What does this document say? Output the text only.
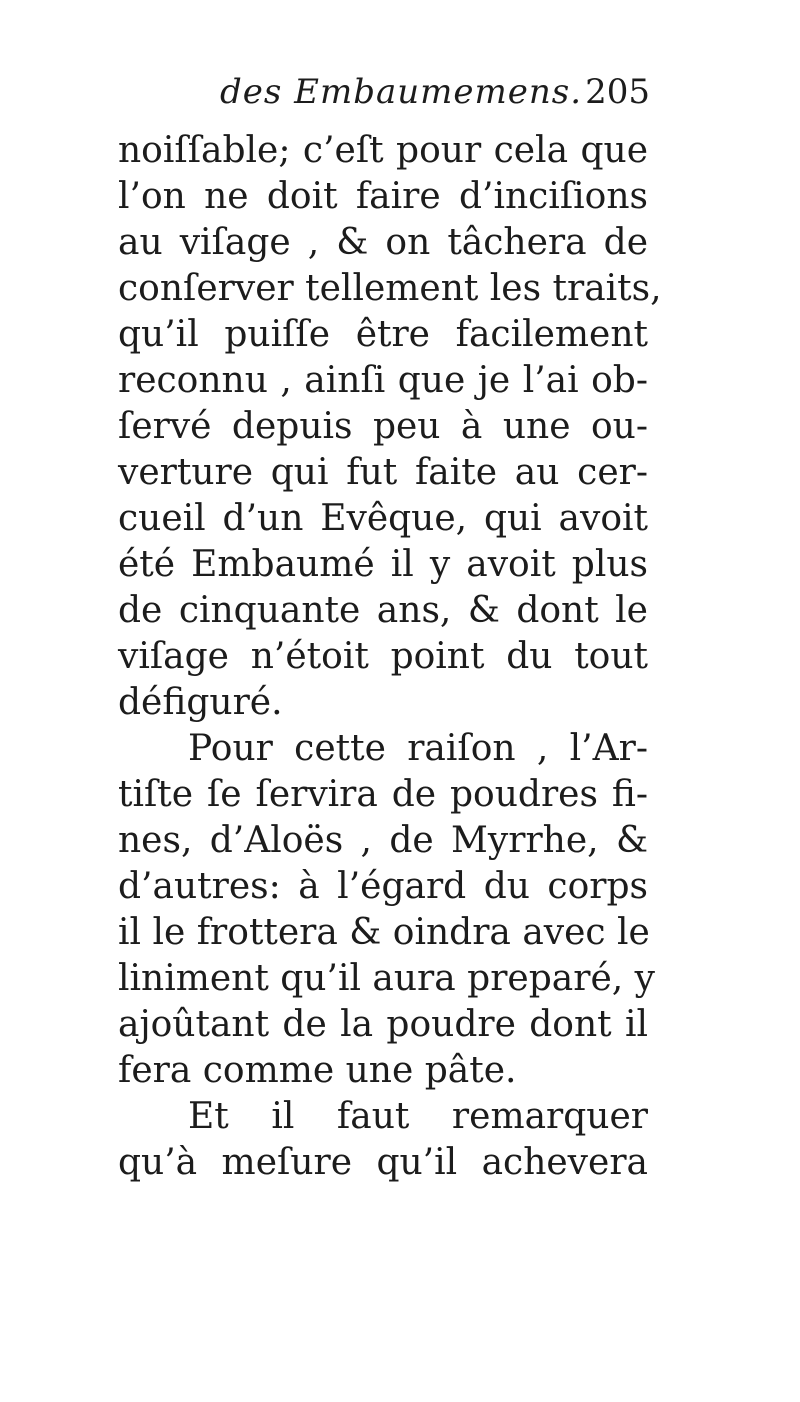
des Embaumemens. 205
noiſſable; c’eſt pour cela que
l’on ne doit faire d’inciſions
au viſage , & on tâchera de
conſerver tellement les traits,
qu’il puiſſe être facilement
reconnu , ainſi que je l’ai ob-
ſervé depuis peu à une ou-
verture qui fut faite au cer-
cueil d’un Evêque, qui avoit
été Embaumé il y avoit plus
de cinquante ans, & dont le
viſage n’étoit point du tout
défiguré.
Pour cette raiſon , l’Ar-
tiſte ſe ſervira de poudres fi-
nes, d’Aloës , de Myrrhe, &
d’autres: à l’égard du corps
il le frottera & oindra avec le
liniment qu’il aura preparé, y
ajoûtant de la poudre dont il
fera comme une pâte.
Et il faut remarquer
qu’à meſure qu’il achevera
